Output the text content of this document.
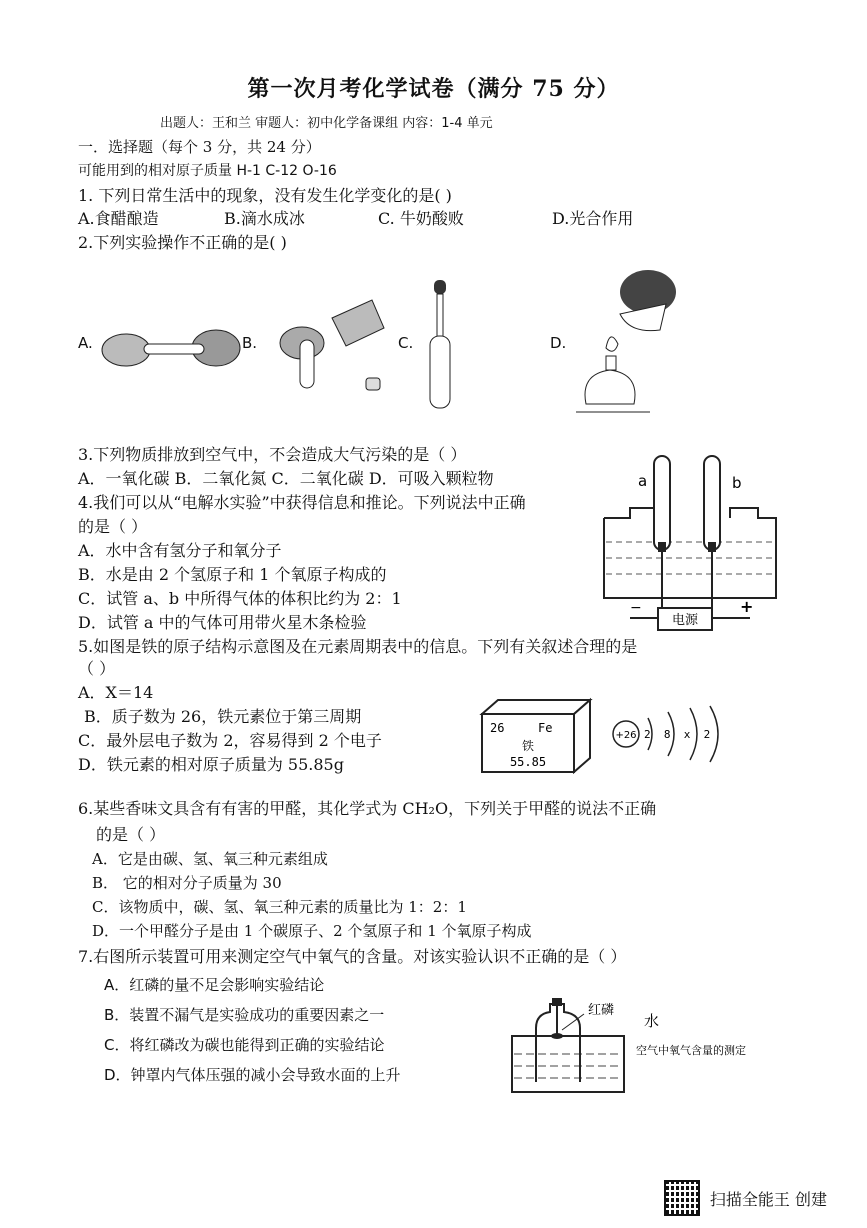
第一次月考化学试卷（满分 75 分）
出题人：王和兰 审题人：初中化学备课组 内容：1-4 单元
一．选择题（每个 3 分，共 24 分）
可能用到的相对原子质量 H-1 C-12 O-16
1. 下列日常生活中的现象，没有发生化学变化的是( )
A.食醋酿造	B.滴水成冰	C. 牛奶酸败	D.光合作用
2.下列实验操作不正确的是( )
A.	B.	C.	D.
3.下列物质排放到空气中，不会造成大气污染的是（ ）
A．一氧化碳 B．二氧化氮 C．二氧化碳 D．可吸入颗粒物
4.我们可以从“电解水实验”中获得信息和推论。下列说法中正确
的是（ ）
A．水中含有氢分子和氧分子
B．水是由 2 个氢原子和 1 个氧原子构成的
C．试管 a、b 中所得气体的体积比约为 2：1
D．试管 a 中的气体可用带火星木条检验	电源
−	+
a	b
5.如图是铁的原子结构示意图及在元素周期表中的信息。下列有关叙述合理的是
（ ）
A．X＝14
B．质子数为 26，铁元素位于第三周期
C．最外层电子数为 2，容易得到 2 个电子
D．铁元素的相对原子质量为 55.85g
26	Fe
铁
55.85
+26 2  8  x  2
6.某些香味文具含有有害的甲醛，其化学式为 CH₂O，下列关于甲醛的说法不正确
的是（ ）
A．它是由碳、氢、氧三种元素组成
B． 它的相对分子质量为 30
C．该物质中，碳、氢、氧三种元素的质量比为 1：2：1
D．一个甲醛分子是由 1 个碳原子、2 个氢原子和 1 个氧原子构成
7.右图所示装置可用来测定空气中氧气的含量。对该实验认识不正确的是（ ）
A．红磷的量不足会影响实验结论
B．装置不漏气是实验成功的重要因素之一
C．将红磷改为碳也能得到正确的实验结论
D．钟罩内气体压强的减小会导致水面的上升
红磷
水
空气中氧气含量的测定
扫描全能王 创建
